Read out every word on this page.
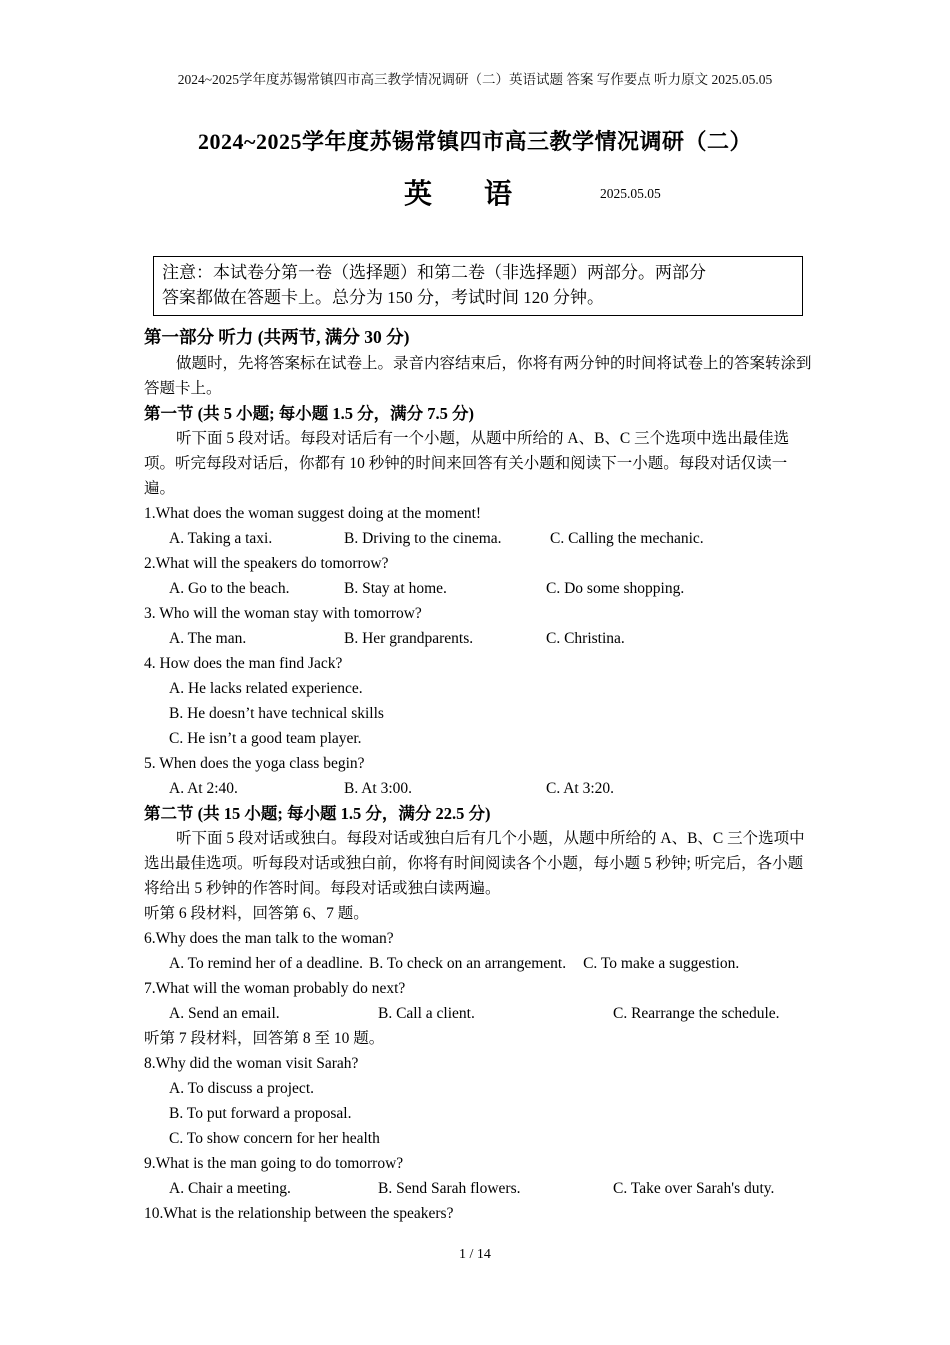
2024~2025学年度苏锡常镇四市高三教学情况调研（二）英语试题 答案 写作要点 听力原文 2025.05.05
2024~2025学年度苏锡常镇四市高三教学情况调研（二）
英语	2025.05.05
注意：本试卷分第一卷（选择题）和第二卷（非选择题）两部分。两部分
答案都做在答题卡上。总分为 150 分，考试时间 120 分钟。
第一部分 听力 (共两节, 满分 30 分)
做题时，先将答案标在试卷上。录音内容结束后，你将有两分钟的时间将试卷上的答案转涂到答题卡上。
第一节 (共 5 小题; 每小题 1.5 分，满分 7.5 分)
听下面 5 段对话。每段对话后有一个小题，从题中所给的 A、B、C 三个选项中选出最佳选项。听完每段对话后，你都有 10 秒钟的时间来回答有关小题和阅读下一小题。每段对话仅读一遍。
1.What does the woman suggest doing at the moment!
A. Taking a taxi.	B. Driving to the cinema.	C. Calling the mechanic.
2.What will the speakers do tomorrow?
A. Go to the beach.	B. Stay at home.	C. Do some shopping.
3. Who will the woman stay with tomorrow?
A. The man.	B. Her grandparents.	C. Christina.
4. How does the man find Jack?
A. He lacks related experience.
B. He doesn’t have technical skills
C. He isn’t a good team player.
5. When does the yoga class begin?
A. At 2:40.	B. At 3:00.	C. At 3:20.
第二节 (共 15 小题; 每小题 1.5 分，满分 22.5 分)
听下面 5 段对话或独白。每段对话或独白后有几个小题，从题中所给的 A、B、C 三个选项中选出最佳选项。听每段对话或独白前，你将有时间阅读各个小题，每小题 5 秒钟; 听完后，各小题将给出 5 秒钟的作答时间。每段对话或独白读两遍。
听第 6 段材料，回答第 6、7 题。
6.Why does the man talk to the woman?
A. To remind her of a deadline. B. To check on an arrangement. C. To make a suggestion.
7.What will the woman probably do next?
A. Send an email.	B. Call a client.	C. Rearrange the schedule.
听第 7 段材料，回答第 8 至 10 题。
8.Why did the woman visit Sarah?
A. To discuss a project.
B. To put forward a proposal.
C. To show concern for her health
9.What is the man going to do tomorrow?
A. Chair a meeting.	B. Send Sarah flowers.	C. Take over Sarah's duty.
10.What is the relationship between the speakers?
1 / 14
